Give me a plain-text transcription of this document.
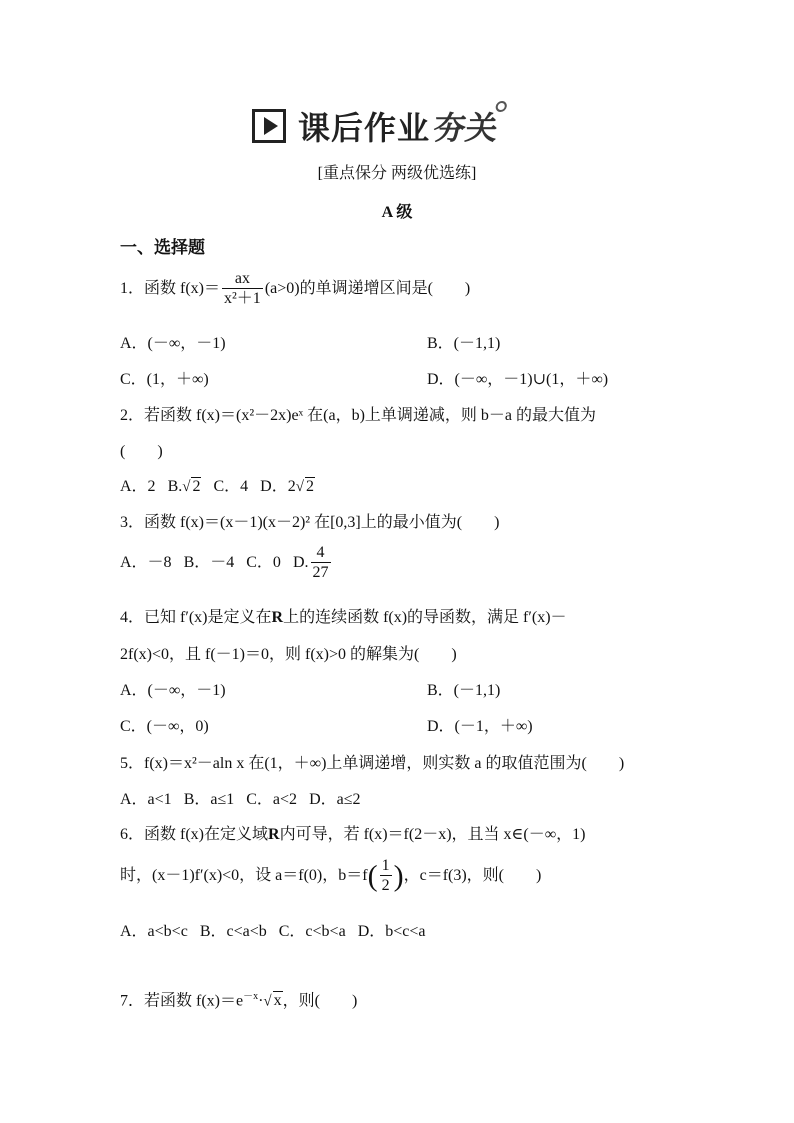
课后作业 夯关
[重点保分 两级优选练]
A 级
一、选择题
1．函数 $f(x)= \frac{ax}{\text{x²＋1}} (a>0)$的单调递增区间是(　　)
A．(－∞，－1)	B．(－1,1)
C．(1，＋∞)	D．(－∞，－1)∪(1，＋∞)
2．若函数 f(x)＝(x²－2x)eˣ 在(a，b)上单调递减，则 b－a 的最大值为
(　　)
A．2 B.√ 2 C．4 D．2√ 2
3．函数 f(x)＝(x－1)(x－2)² 在[0,3]上的最小值为(　　)
A．－8 B．－4 C．0 D. $\frac{4}{27}$
4．已知 f′(x)是定义在R上的连续函数 f(x)的导函数，满足 f′(x)－
2f(x)<0，且 f(－1)＝0，则 f(x)>0 的解集为(　　)
A．(－∞，－1)	B．(－1,1)
C．(－∞，0)	D．(－1，＋∞)
5．f(x)＝x²－aln x 在(1，＋∞)上单调递增，则实数 a 的取值范围为(　　)
A．a<1 B．a≤1 C．a<2 D．a≤2
6．函数 f(x)在定义域R内可导，若 f(x)＝f(2－x)，且当 x∈(－∞，1)
时，(x－1)f′(x)<0，设 a＝f(0)，$b=f( \frac{1}{2}$ )，c＝f(3)，则(　　)
A．a<b<c B．c<a<b C．c<b<a D．b<c<a
7．若函数 $f(x)=e^{-x}\cdot√$ x，则(　　)
